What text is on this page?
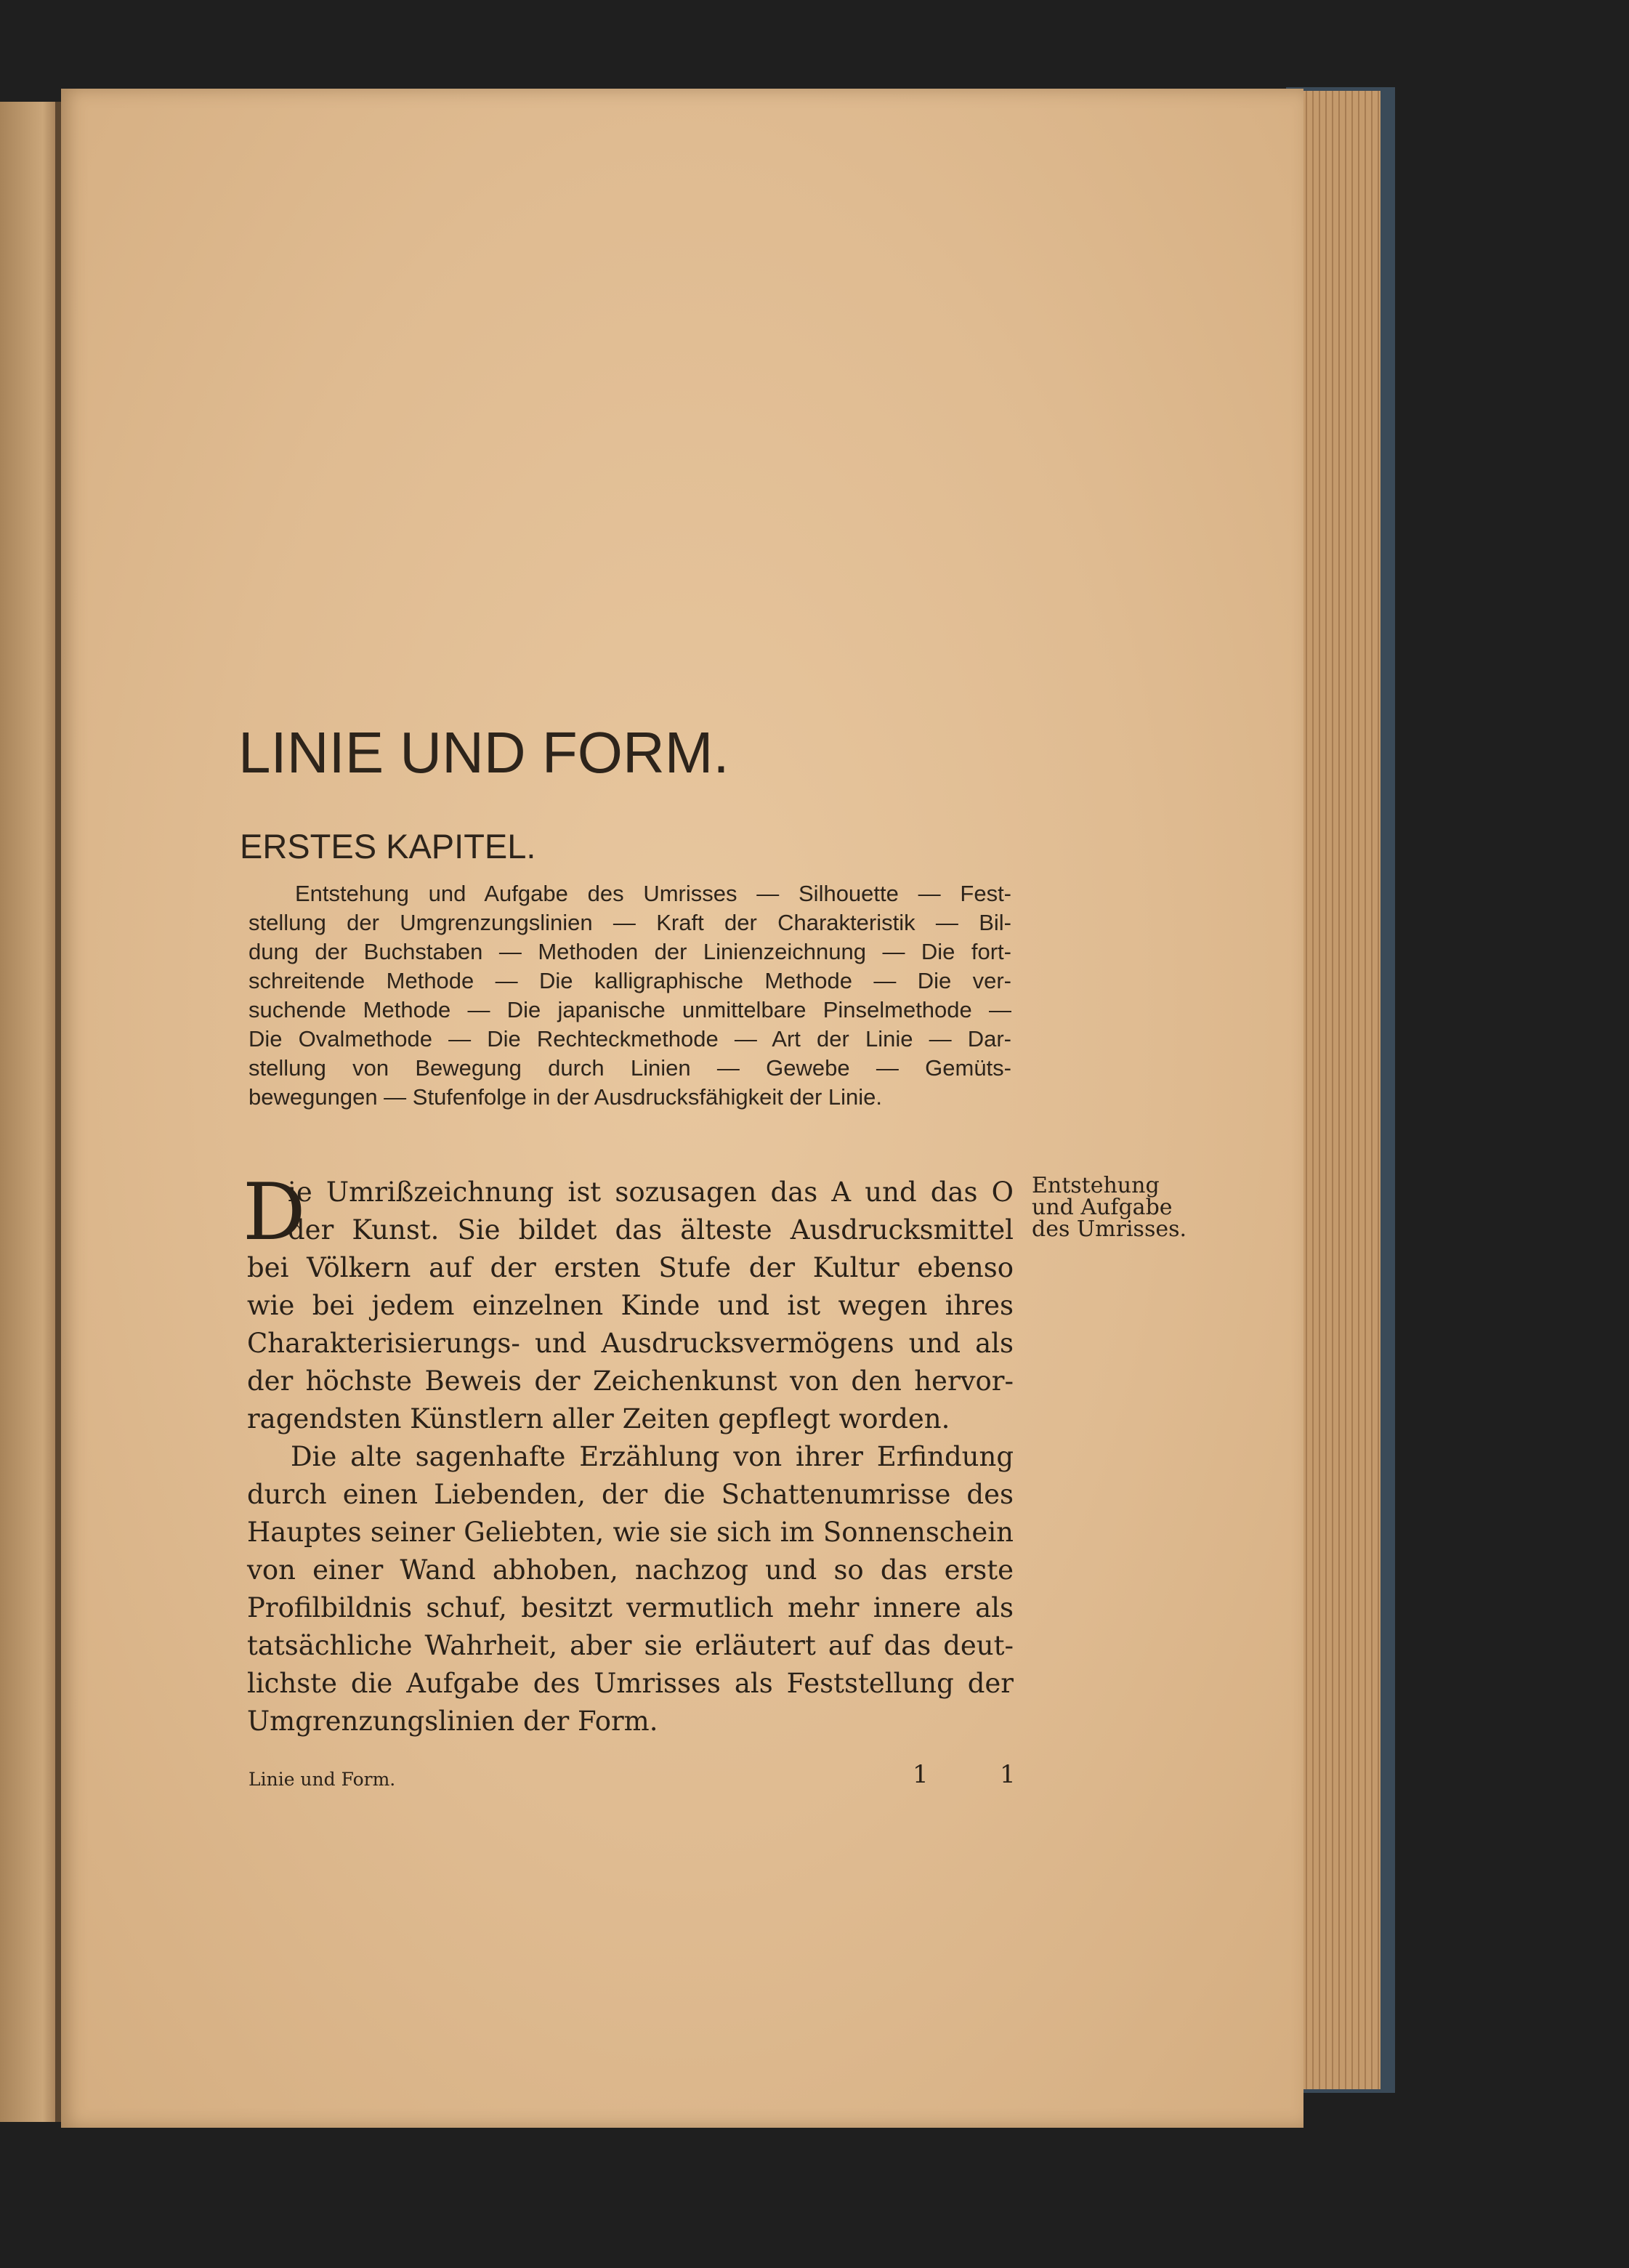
LINIE UND FORM.
ERSTES KAPITEL.
Entstehung und Aufgabe des Umrisses — Silhouette — Fest-
stellung der Umgrenzungslinien — Kraft der Charakteristik — Bil-
dung der Buchstaben — Methoden der Linienzeichnung — Die fort-
schreitende Methode — Die kalligraphische Methode — Die ver-
suchende Methode — Die japanische unmittelbare Pinselmethode —
Die Ovalmethode — Die Rechteckmethode — Art der Linie — Dar-
stellung von Bewegung durch Linien — Gewebe — Gemüts-
bewegungen — Stufenfolge in der Ausdrucksfähigkeit der Linie.
D
ie Umrißzeichnung ist sozusagen das A und das O
der Kunst. Sie bildet das älteste Ausdrucksmittel
bei Völkern auf der ersten Stufe der Kultur ebenso
wie bei jedem einzelnen Kinde und ist wegen ihres
Charakterisierungs- und Ausdrucksvermögens und als
der höchste Beweis der Zeichenkunst von den hervor-
ragendsten Künstlern aller Zeiten gepflegt worden.
Die alte sagenhafte Erzählung von ihrer Erfindung
durch einen Liebenden, der die Schattenumrisse des
Hauptes seiner Geliebten, wie sie sich im Sonnenschein
von einer Wand abhoben, nachzog und so das erste
Profilbildnis schuf, besitzt vermutlich mehr innere als
tatsächliche Wahrheit, aber sie erläutert auf das deut-
lichste die Aufgabe des Umrisses als Feststellung der
Umgrenzungslinien der Form.
Entstehung
und Aufgabe
des Umrisses.
Linie und Form.	1	1
